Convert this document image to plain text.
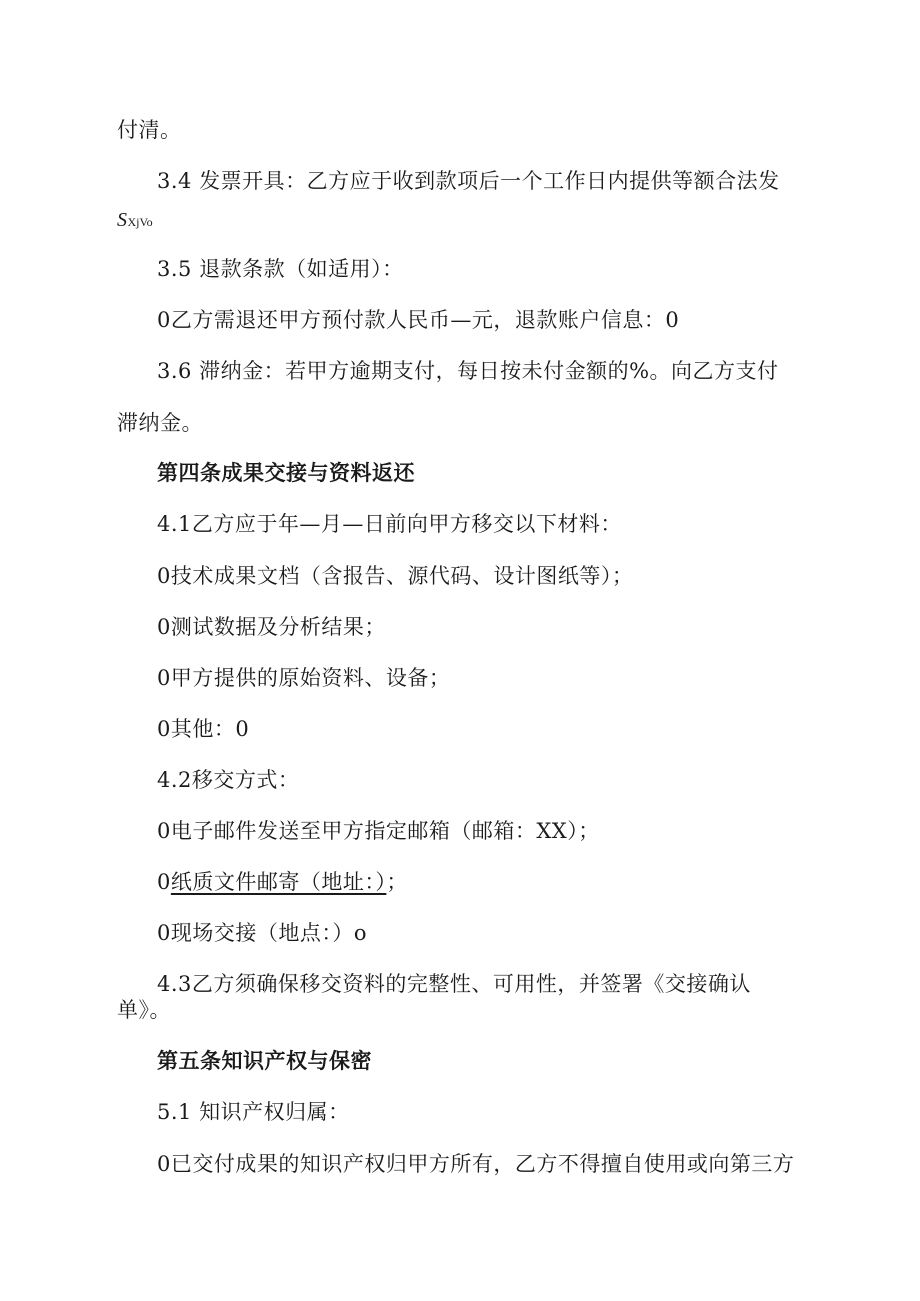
付清。
3.4 发票开具：乙方应于收到款项后一个工作日内提供等额合法发
SXjVo
3.5 退款条款（如适用）：
0乙方需退还甲方预付款人民币—元，退款账户信息：0
3.6 滞纳金：若甲方逾期支付，每日按未付金额的%。向乙方支付
滞纳金。
第四条成果交接与资料返还
4.1乙方应于年—月—日前向甲方移交以下材料：
0技术成果文档（含报告、源代码、设计图纸等）；
0测试数据及分析结果；
0甲方提供的原始资料、设备；
0其他：0
4.2移交方式：
0电子邮件发送至甲方指定邮箱（邮箱：XX）；
0纸质文件邮寄（地址：）；
0现场交接（地点：）o
4.3乙方须确保移交资料的完整性、可用性，并签署《交接确认
单》。
第五条知识产权与保密
5.1 知识产权归属：
0已交付成果的知识产权归甲方所有，乙方不得擅自使用或向第三方
